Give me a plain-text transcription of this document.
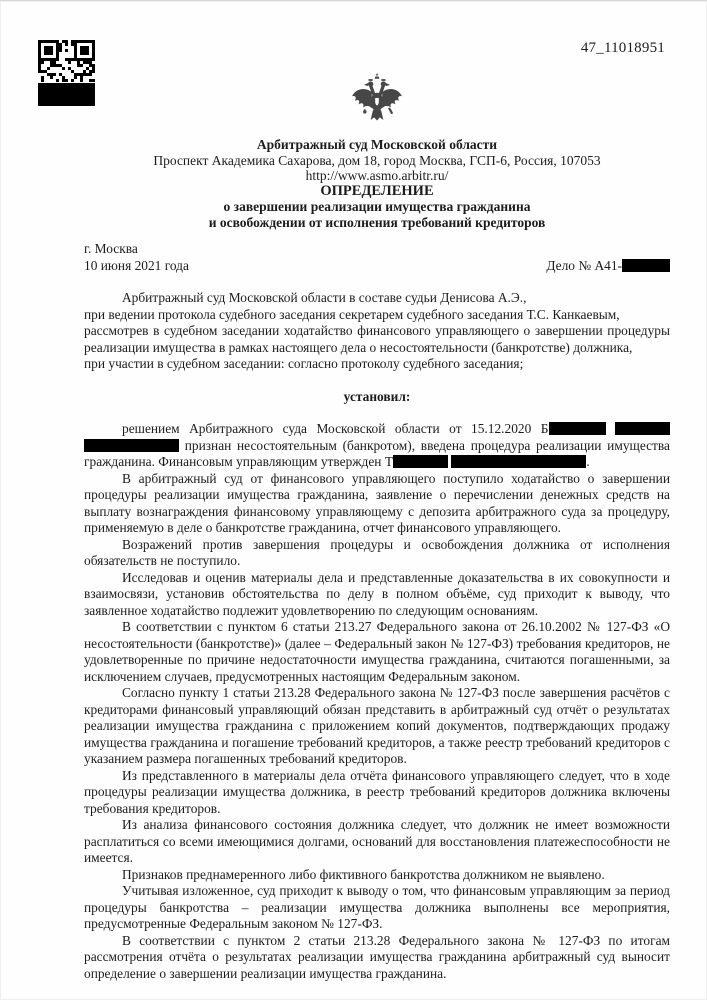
47_11018951
Арбитражный суд Московской области
Проспект Академика Сахарова, дом 18, город Москва, ГСП-6, Россия, 107053
http://www.asmo.arbitr.ru/
ОПРЕДЕЛЕНИЕ
о завершении реализации имущества гражданина
и освобождении от исполнения требований кредиторов
г. Москва
10 июня 2021 года	Дело № А41-

Арбитражный суд Московской области в составе судьи Денисова А.Э.,

при ведении протокола судебного заседания секретарем судебного заседания Т.С. Канкаевым,

рассмотрев в судебном заседании ходатайство финансового управляющего о завершении процедуры реализации имущества в рамках настоящего дела о несостоятельности (банкротстве) должника,

при участии в судебном заседании: согласно протоколу судебного заседания;

установил:

решением Арбитражного суда Московской области от 15.12.2020 Б   признан несостоятельным (банкротом), введена процедура реализации имущества гражданина. Финансовым управляющим утвержден Т	.

В арбитражный суд от финансового управляющего поступило ходатайство о завершении процедуры реализации имущества гражданина, заявление о перечислении денежных средств на выплату вознаграждения финансовому управляющему с депозита арбитражного суда за процедуру, применяемую в деле о банкротстве гражданина, отчет финансового управляющего.

Возражений против завершения процедуры и освобождения должника от исполнения обязательств не поступило.

Исследовав и оценив материалы дела и представленные доказательства в их совокупности и взаимосвязи, установив обстоятельства по делу в полном объёме, суд приходит к выводу, что заявленное ходатайство подлежит удовлетворению по следующим основаниям.

В соответствии с пунктом 6 статьи 213.27 Федерального закона от 26.10.2002 № 127-ФЗ «О несостоятельности (банкротстве)» (далее – Федеральный закон № 127-ФЗ) требования кредиторов, не удовлетворенные по причине недостаточности имущества гражданина, считаются погашенными, за исключением случаев, предусмотренных настоящим Федеральным законом.

Согласно пункту 1 статьи 213.28 Федерального закона № 127-ФЗ после завершения расчётов с кредиторами финансовый управляющий обязан представить в арбитражный суд отчёт о результатах реализации имущества гражданина с приложением копий документов, подтверждающих продажу имущества гражданина и погашение требований кредиторов, а также реестр требований кредиторов с указанием размера погашенных требований кредиторов.

Из представленного в материалы дела отчёта финансового управляющего следует, что в ходе процедуры реализации имущества должника, в реестр требований кредиторов должника включены требования кредиторов.

Из анализа финансового состояния должника следует, что должник не имеет возможности расплатиться со всеми имеющимися долгами, оснований для восстановления платежеспособности не имеется.

Признаков преднамеренного либо фиктивного банкротства должником не выявлено.

Учитывая изложенное, суд приходит к выводу о том, что финансовым управляющим за период процедуры банкротства – реализации имущества должника выполнены все мероприятия, предусмотренные Федеральным законом № 127-ФЗ.

В соответствии с пунктом 2 статьи 213.28 Федерального закона № 127-ФЗ по итогам рассмотрения отчёта о результатах реализации имущества гражданина арбитражный суд выносит определение о завершении реализации имущества гражданина.
